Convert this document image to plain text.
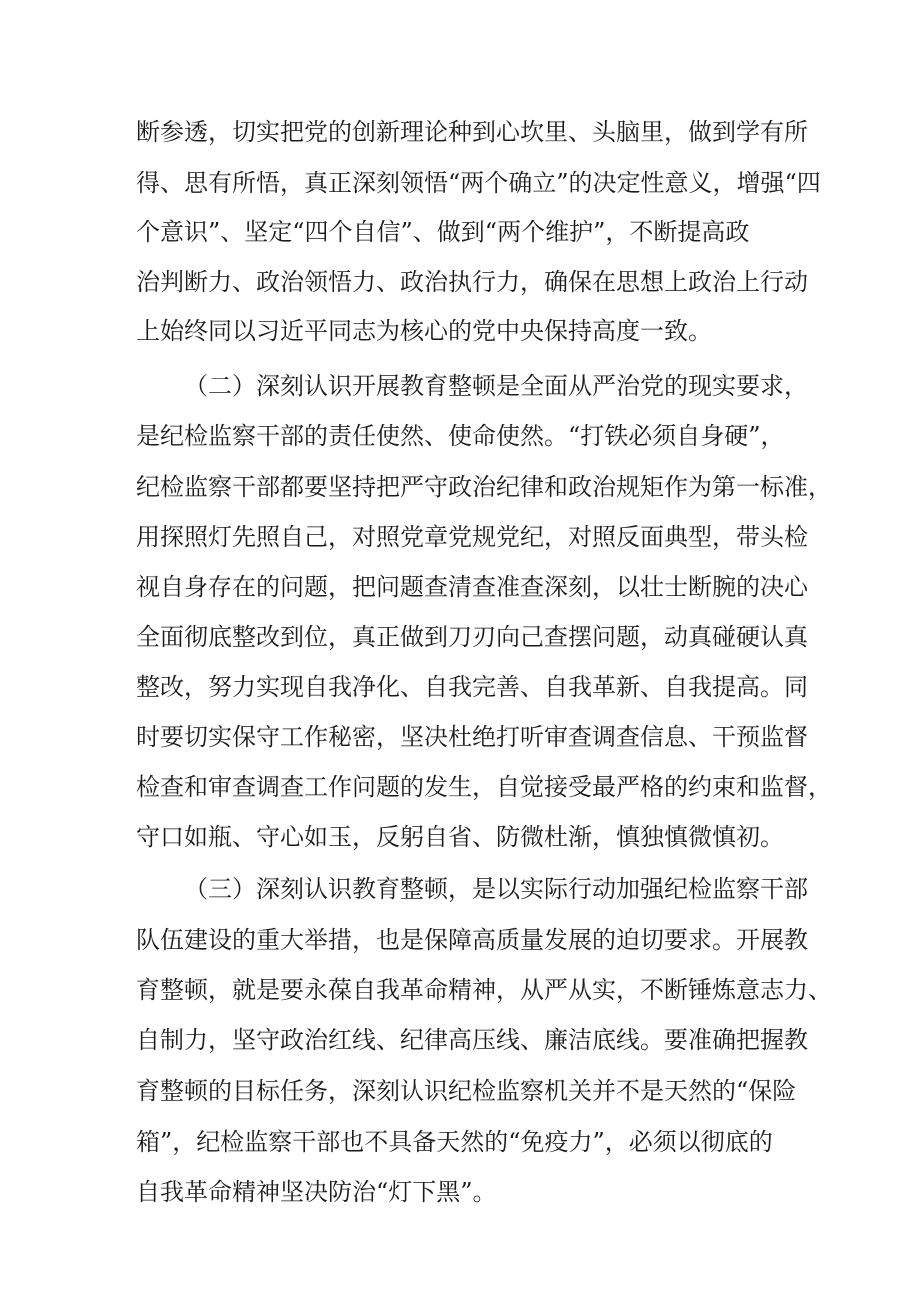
断参透，切实把党的创新理论种到心坎里、头脑里，做到学有所
得、思有所悟，真正深刻领悟“两个确立”的决定性意义，增强“四
个意识”、坚定“四个自信”、做到“两个维护”，不断提高政
治判断力、政治领悟力、政治执行力，确保在思想上政治上行动
上始终同以习近平同志为核心的党中央保持高度一致。
（二）深刻认识开展教育整顿是全面从严治党的现实要求，
是纪检监察干部的责任使然、使命使然。“打铁必须自身硬”，
纪检监察干部都要坚持把严守政治纪律和政治规矩作为第一标准，
用探照灯先照自己，对照党章党规党纪，对照反面典型，带头检
视自身存在的问题，把问题查清查准查深刻，以壮士断腕的决心
全面彻底整改到位，真正做到刀刃向己查摆问题，动真碰硬认真
整改，努力实现自我净化、自我完善、自我革新、自我提高。同
时要切实保守工作秘密，坚决杜绝打听审查调查信息、干预监督
检查和审查调查工作问题的发生，自觉接受最严格的约束和监督，
守口如瓶、守心如玉，反躬自省、防微杜渐，慎独慎微慎初。
（三）深刻认识教育整顿，是以实际行动加强纪检监察干部
队伍建设的重大举措，也是保障高质量发展的迫切要求。开展教
育整顿，就是要永葆自我革命精神，从严从实，不断锤炼意志力、
自制力，坚守政治红线、纪律高压线、廉洁底线。要准确把握教
育整顿的目标任务，深刻认识纪检监察机关并不是天然的“保险
箱”，纪检监察干部也不具备天然的“免疫力”，必须以彻底的
自我革命精神坚决防治“灯下黑”。
